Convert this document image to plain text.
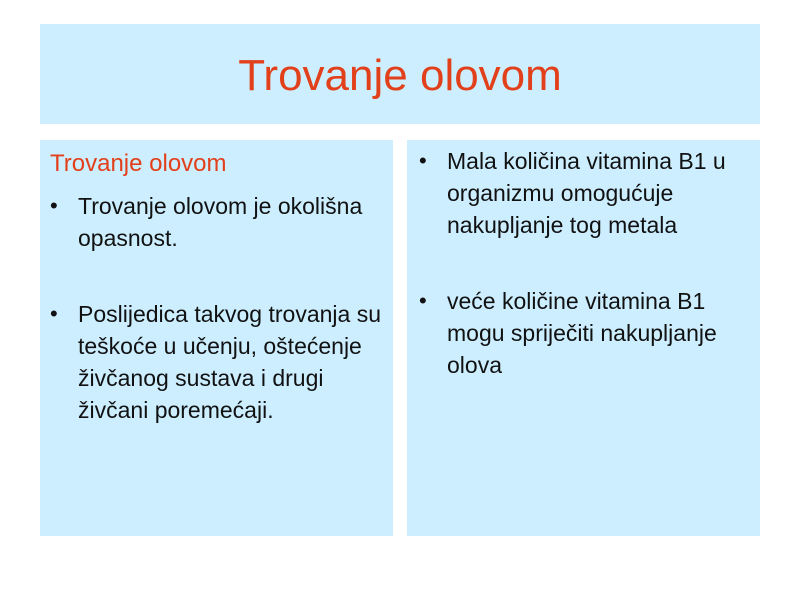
Trovanje olovom

Trovanje olovom

• Trovanje olovom je okolišna opasnost.
• Poslijedica takvog trovanja su teškoće u učenju, oštećenje živčanog sustava i drugi živčani poremećaji.
• Mala količina vitamina B1 u organizmu omogućuje nakupljanje tog metala
• veće količine vitamina B1 mogu spriječiti nakupljanje olova
